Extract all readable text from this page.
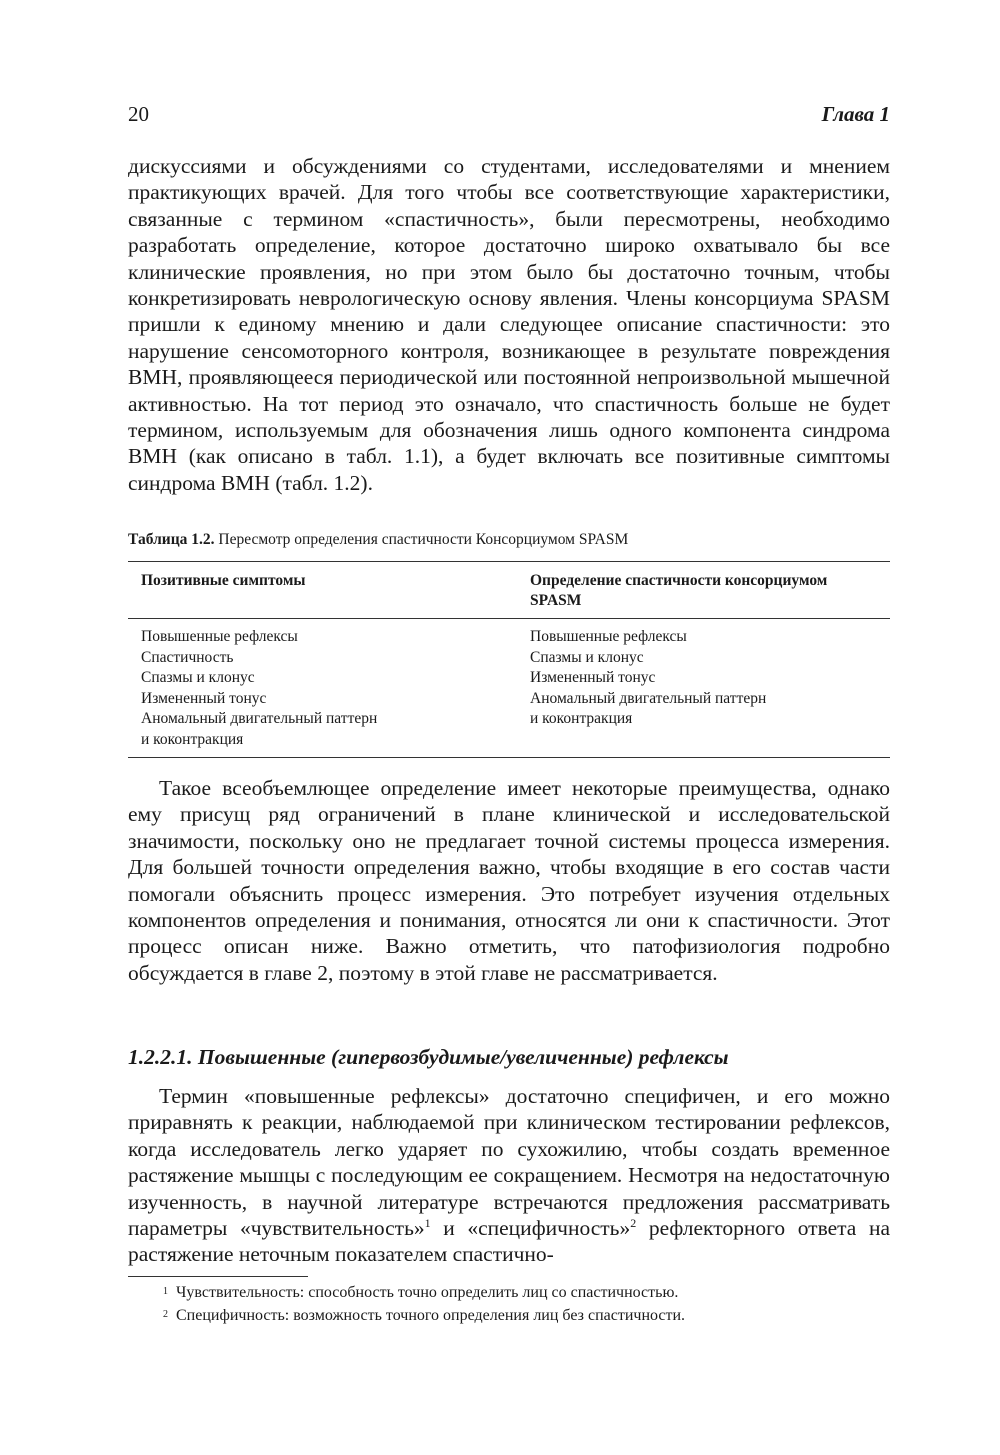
20	Глава 1

дискуссиями и обсуждениями со студентами, исследователями и мнением практикующих врачей. Для того чтобы все соответствующие характеристики, связанные с термином «спастичность», были пересмотрены, необходимо разработать определение, которое достаточно широко охватывало бы все клинические проявления, но при этом было бы достаточно точным, чтобы конкретизировать неврологическую основу явления. Члены консорциума SPASM пришли к единому мнению и дали следующее описание спастичности: это нарушение сенсомоторного контроля, возникающее в результате повреждения ВМН, проявляющееся периодической или постоянной непроизвольной мышечной активностью. На тот период это означало, что спастичность больше не будет термином, используемым для обозначения лишь одного компонента синдрома ВМН (как описано в табл. 1.1), а будет включать все позитивные симптомы синдрома ВМН (табл. 1.2).

Таблица 1.2. Пересмотр определения спастичности Консорциумом SPASM
Позитивные симптомы	Определение спастичности консорциумом SPASM
Повышенные рефлексы
Спастичность
Спазмы и клонус
Измененный тонус
Аномальный двигательный паттерн
и коконтракция
Повышенные рефлексы
Спазмы и клонус
Измененный тонус
Аномальный двигательный паттерн
и коконтракция

Такое всеобъемлющее определение имеет некоторые преимущества, однако ему присущ ряд ограничений в плане клинической и исследовательской значимости, поскольку оно не предлагает точной системы процесса измерения. Для большей точности определения важно, чтобы входящие в его состав части помогали объяснить процесс измерения. Это потребует изучения отдельных компонентов определения и понимания, относятся ли они к спастичности. Этот процесс описан ниже. Важно отметить, что патофизиология подробно обсуждается в главе 2, поэтому в этой главе не рассматривается.

1.2.2.1. Повышенные (гипервозбудимые/увеличенные) рефлексы

Термин «повышенные рефлексы» достаточно специфичен, и его можно приравнять к реакции, наблюдаемой при клиническом тестировании рефлексов, когда исследователь легко ударяет по сухожилию, чтобы создать временное растяжение мышцы с последующим ее сокращением. Несмотря на недостаточную изученность, в научной литературе встречаются предложения рассматривать параметры «чувствительность»$^1$ и «специфичность»$^2$ рефлекторного ответа на растяжение неточным показателем спастично-

$^1$ Чувствительность: способность точно определить лиц со спастичностью.
$^2$ Специфичность: возможность точного определения лиц без спастичности.
